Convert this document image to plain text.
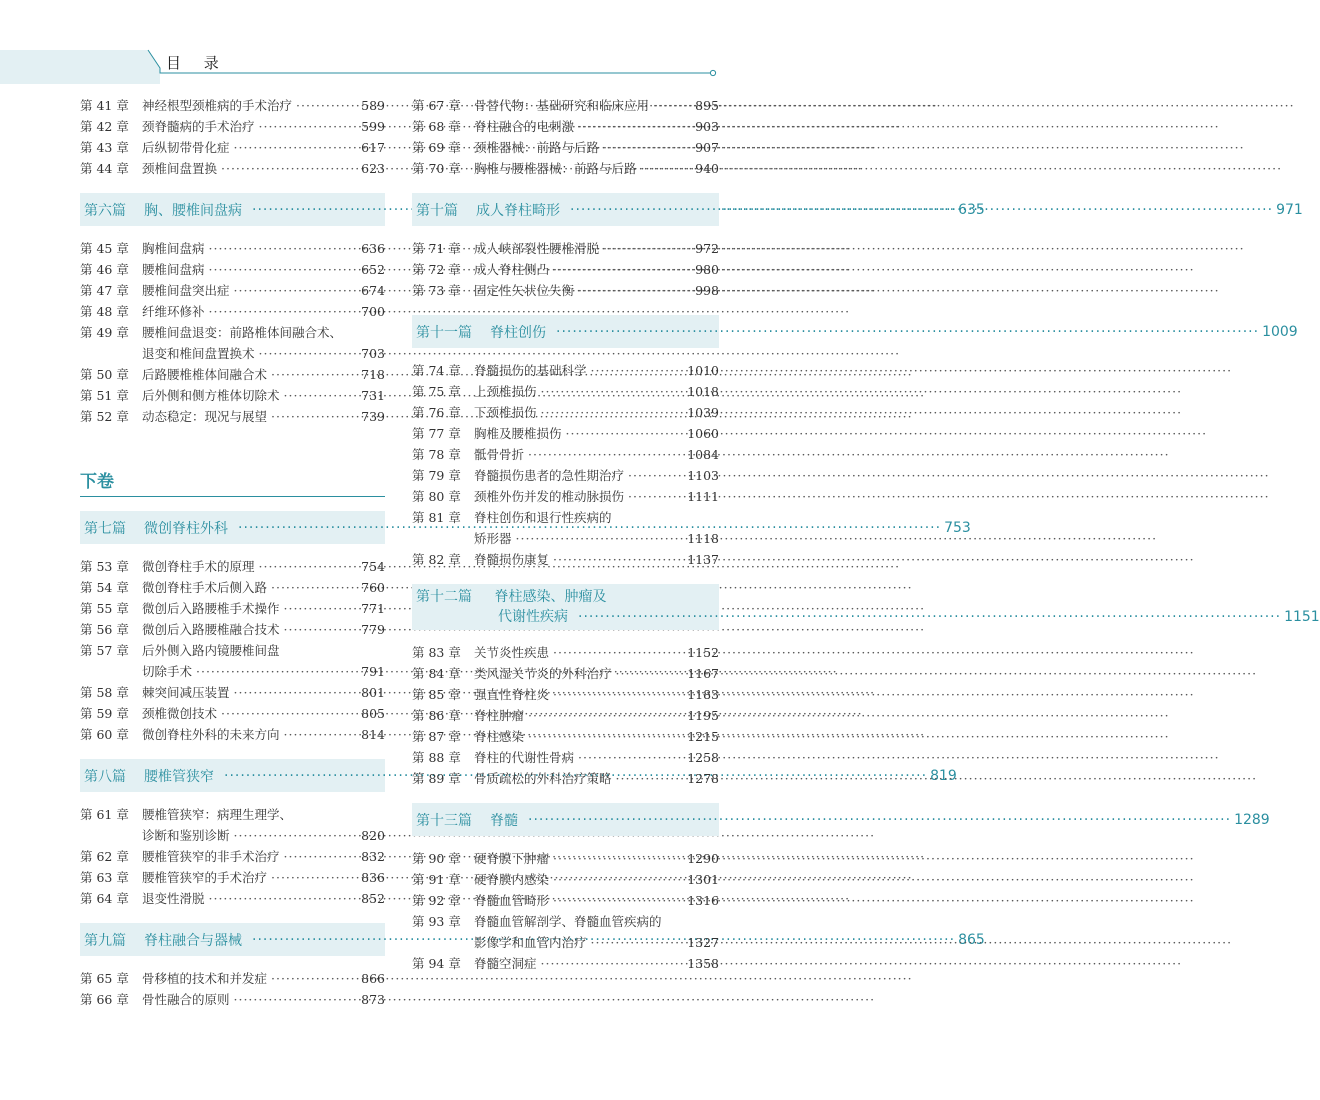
目 录
第 41 章	神经根型颈椎病的手术治疗 ·····	589
第 42 章	颈脊髓病的手术治疗 ·····	599
第 43 章	后纵韧带骨化症 ·····	617
第 44 章	颈椎间盘置换 ·····	623
第六篇 胸、腰椎间盘病 ·····	635
第 45 章	胸椎间盘病 ·····	636
第 46 章	腰椎间盘病 ·····	652
第 47 章	腰椎间盘突出症 ·····	674
第 48 章	纤维环修补 ·····	700
第 49 章	腰椎间盘退变：前路椎体间融合术、
退变和椎间盘置换术 ·····	703
第 50 章	后路腰椎椎体间融合术 ·····	718
第 51 章	后外侧和侧方椎体切除术 ·····	731
第 52 章	动态稳定：现况与展望 ·····	739
下卷
第七篇 微创脊柱外科 ·····	753
第 53 章	微创脊柱手术的原理 ·····	754
第 54 章	微创脊柱手术后侧入路 ·····	760
第 55 章	微创后入路腰椎手术操作 ·····	771
第 56 章	微创后入路腰椎融合技术 ·····	779
第 57 章	后外侧入路内镜腰椎间盘
切除手术 ·····	791
第 58 章	棘突间减压装置 ·····	801
第 59 章	颈椎微创技术 ·····	805
第 60 章	微创脊柱外科的未来方向 ·····	814
第八篇 腰椎管狭窄 ·····	819
第 61 章	腰椎管狭窄：病理生理学、
诊断和鉴别诊断 ·····	820
第 62 章	腰椎管狭窄的非手术治疗 ·····	832
第 63 章	腰椎管狭窄的手术治疗 ·····	836
第 64 章	退变性滑脱 ·····	852
第九篇 脊柱融合与器械 ·····	865
第 65 章	骨移植的技术和并发症 ·····	866
第 66 章	骨性融合的原则 ·····	873
第 67 章	骨替代物：基础研究和临床应用 ·····	895
第 68 章	脊柱融合的电刺激 ·····	903
第 69 章	颈椎器械：前路与后路 ·····	907
第 70 章	胸椎与腰椎器械：前路与后路 ·····	940
第十篇 成人脊柱畸形 ·····	971
第 71 章	成人峡部裂性腰椎滑脱 ·····	972
第 72 章	成人脊柱侧凸 ·····	980
第 73 章	固定性矢状位失衡 ·····	998
第十一篇 脊柱创伤 ·····	1009
第 74 章	脊髓损伤的基础科学 ·····	1010
第 75 章	上颈椎损伤 ·····	1018
第 76 章	下颈椎损伤 ·····	1039
第 77 章	胸椎及腰椎损伤 ·····	1060
第 78 章	骶骨骨折 ·····	1084
第 79 章	脊髓损伤患者的急性期治疗 ·····	1103
第 80 章	颈椎外伤并发的椎动脉损伤 ·····	1111
第 81 章	脊柱创伤和退行性疾病的
矫形器 ·····	1118
第 82 章	脊髓损伤康复 ·····	1137
第十二篇 脊柱感染、肿瘤及
代谢性疾病 ·····	1151
第 83 章	关节炎性疾患 ·····	1152
第 84 章	类风湿关节炎的外科治疗 ·····	1167
第 85 章	强直性脊柱炎 ·····	1183
第 86 章	脊柱肿瘤 ·····	1195
第 87 章	脊柱感染 ·····	1215
第 88 章	脊柱的代谢性骨病 ·····	1258
第 89 章	骨质疏松的外科治疗策略 ·····	1278
第十三篇 脊髓 ·····	1289
第 90 章	硬脊膜下肿瘤 ·····	1290
第 91 章	硬脊膜内感染 ·····	1301
第 92 章	脊髓血管畸形 ·····	1316
第 93 章	脊髓血管解剖学、脊髓血管疾病的
影像学和血管内治疗 ·····	1327
第 94 章	脊髓空洞症 ·····	1358
